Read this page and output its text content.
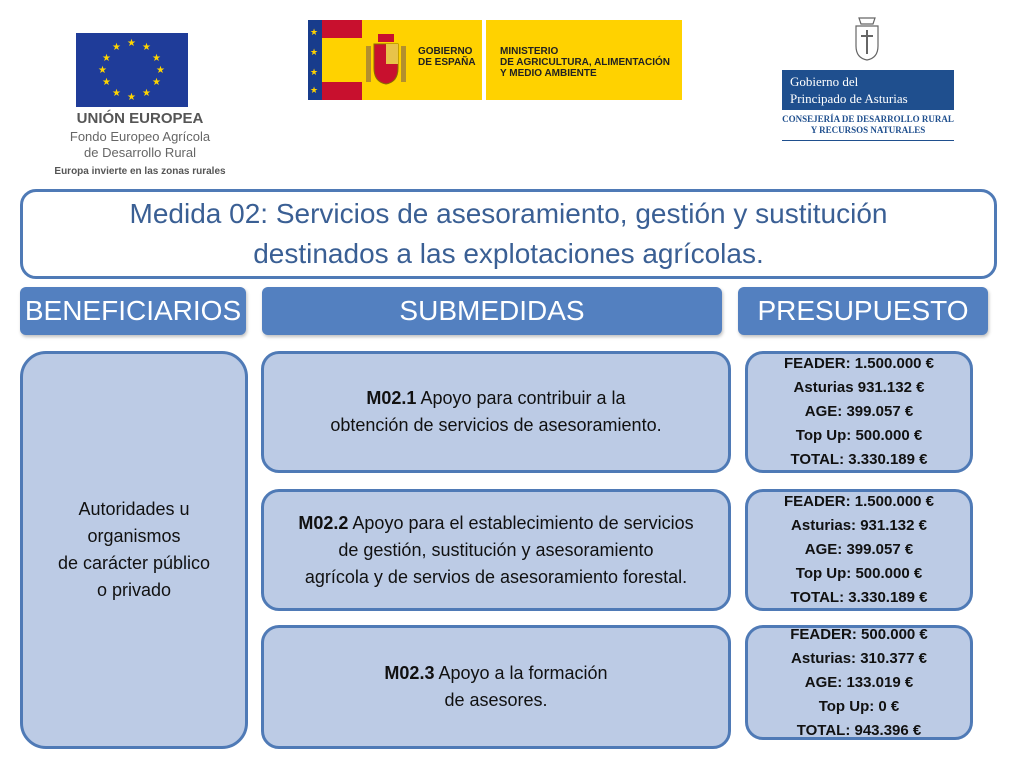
★ ★
★
★
★
★
★
★
★
★
★
★
UNIÓN EUROPEA
Fondo Europeo Agrícola
de Desarrollo Rural
Europa invierte en las zonas rurales
★
★
★
★
GOBIERNO
DE ESPAÑA
MINISTERIO
DE AGRICULTURA, ALIMENTACIÓN
Y MEDIO AMBIENTE
Gobierno del
Principado de Asturias
CONSEJERÍA DE DESARROLLO RURAL
Y RECURSOS NATURALES
Medida 02: Servicios de asesoramiento, gestión y sustitución
destinados a las explotaciones agrícolas.
BENEFICIARIOS	SUBMEDIDAS	PRESUPUESTO
Autoridades u
organismos
de carácter público
o privado
M02.1 Apoyo para contribuir a la
obtención de servicios de asesoramiento.
M02.2 Apoyo para el establecimiento de servicios
de gestión, sustitución y asesoramiento
agrícola y de servios de asesoramiento forestal.
M02.3 Apoyo a la formación
de asesores.
FEADER: 1.500.000 €
Asturias 931.132 €
AGE: 399.057 €
Top Up: 500.000 €
TOTAL: 3.330.189 €
FEADER: 1.500.000 €
Asturias: 931.132 €
AGE: 399.057 €
Top Up: 500.000 €
TOTAL: 3.330.189 €
FEADER: 500.000 €
Asturias: 310.377 €
AGE: 133.019 €
Top Up: 0 €
TOTAL: 943.396 €
